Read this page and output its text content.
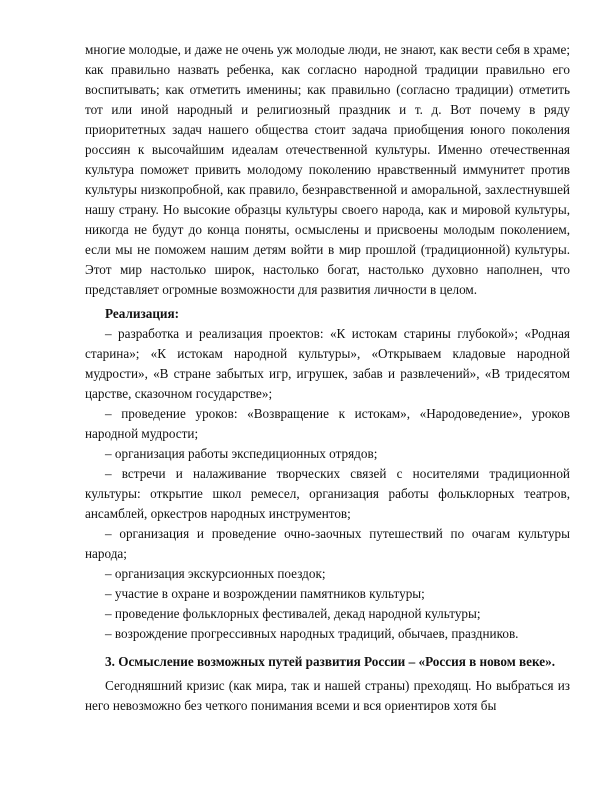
многие молодые, и даже не очень уж молодые люди, не знают, как вести себя в храме; как правильно назвать ребенка, как согласно народной традиции правильно его воспитывать; как отметить именины; как правильно (согласно традиции) отметить тот или иной народный и религиозный праздник и т. д. Вот почему в ряду приоритетных задач нашего общества стоит задача приобщения юного поколения россиян к высочайшим идеалам отечественной культуры. Именно отечественная культура поможет привить молодому поколению нравственный иммунитет против культуры низкопробной, как правило, безнравственной и аморальной, захлестнувшей нашу страну. Но высокие образцы культуры своего народа, как и мировой культуры, никогда не будут до конца поняты, осмыслены и присвоены молодым поколением, если мы не поможем нашим детям войти в мир прошлой (традиционной) культуры. Этот мир настолько широк, настолько богат, настолько духовно наполнен, что представляет огромные возможности для развития личности в целом.

Реализация:

– разработка и реализация проектов: «К истокам старины глубокой»; «Родная старина»; «К истокам народной культуры», «Открываем кладовые народной мудрости», «В стране забытых игр, игрушек, забав и развлечений», «В тридесятом царстве, сказочном государстве»;

– проведение уроков: «Возвращение к истокам», «Народоведение», уроков народной мудрости;

– организация работы экспедиционных отрядов;

– встречи и налаживание творческих связей с носителями традиционной культуры: открытие школ ремесел, организация работы фольклорных театров, ансамблей, оркестров народных инструментов;

– организация и проведение очно-заочных путешествий по очагам культуры народа;

– организация экскурсионных поездок;

– участие в охране и возрождении памятников культуры;

– проведение фольклорных фестивалей, декад народной культуры;

– возрождение прогрессивных народных традиций, обычаев, праздников.

3. Осмысление возможных путей развития России – «Россия в новом веке».

Сегодняшний кризис (как мира, так и нашей страны) преходящ. Но выбраться из него невозможно без четкого понимания всеми и вся ориентиров хотя бы
